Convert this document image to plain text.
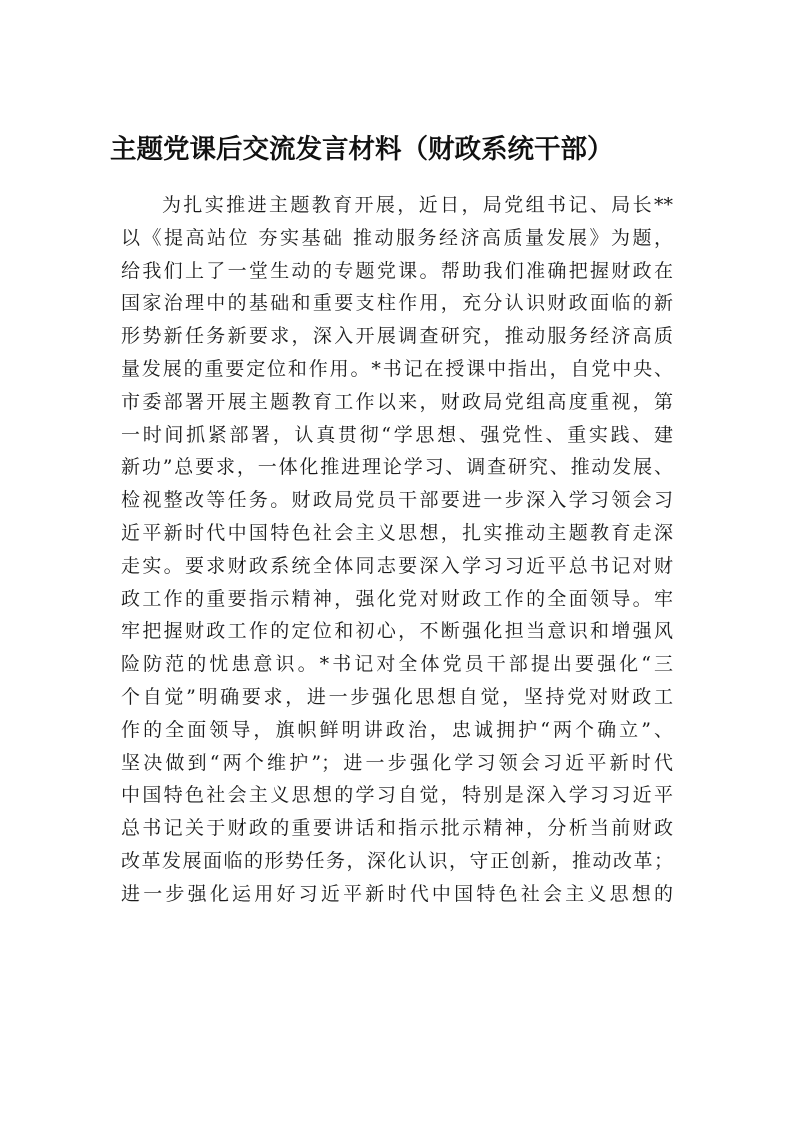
主题党课后交流发言材料（财政系统干部）
为扎实推进主题教育开展，近日，局党组书记、局长**
以《提高站位 夯实基础 推动服务经济高质量发展》为题，
给我们上了一堂生动的专题党课。帮助我们准确把握财政在
国家治理中的基础和重要支柱作用，充分认识财政面临的新
形势新任务新要求，深入开展调查研究，推动服务经济高质
量发展的重要定位和作用。*书记在授课中指出，自党中央、
市委部署开展主题教育工作以来，财政局党组高度重视，第
一时间抓紧部署，认真贯彻“学思想、强党性、重实践、建
新功”总要求，一体化推进理论学习、调查研究、推动发展、
检视整改等任务。财政局党员干部要进一步深入学习领会习
近平新时代中国特色社会主义思想，扎实推动主题教育走深
走实。要求财政系统全体同志要深入学习习近平总书记对财
政工作的重要指示精神，强化党对财政工作的全面领导。牢
牢把握财政工作的定位和初心，不断强化担当意识和增强风
险防范的忧患意识。*书记对全体党员干部提出要强化“三
个自觉”明确要求，进一步强化思想自觉，坚持党对财政工
作的全面领导，旗帜鲜明讲政治，忠诚拥护“两个确立”、
坚决做到“两个维护”；进一步强化学习领会习近平新时代
中国特色社会主义思想的学习自觉，特别是深入学习习近平
总书记关于财政的重要讲话和指示批示精神，分析当前财政
改革发展面临的形势任务，深化认识，守正创新，推动改革；
进一步强化运用好习近平新时代中国特色社会主义思想的
